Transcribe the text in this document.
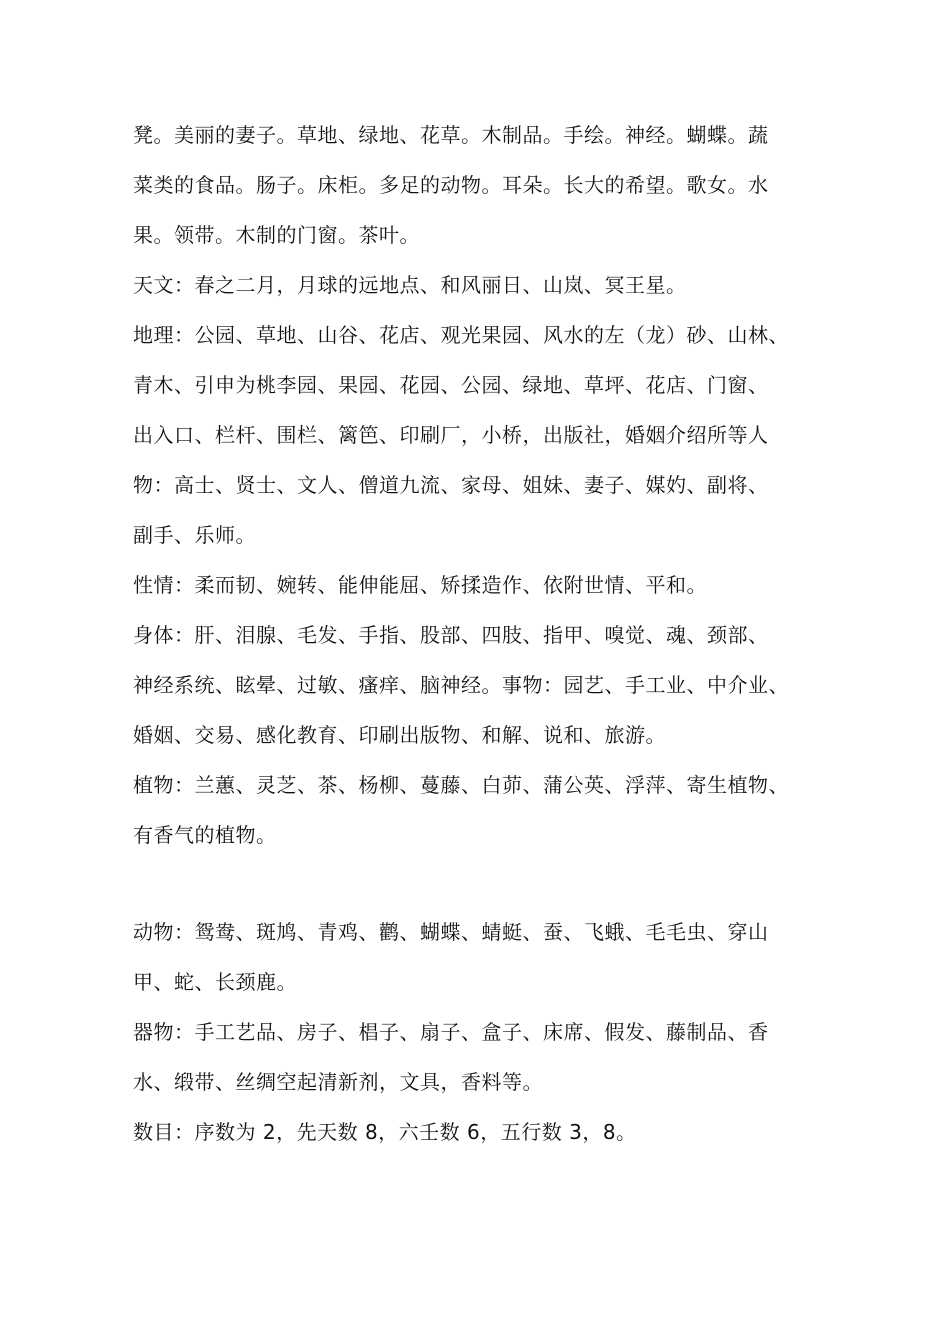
凳。美丽的妻子。草地、绿地、花草。木制品。手绘。神经。蝴蝶。蔬
菜类的食品。肠子。床柜。多足的动物。耳朵。长大的希望。歌女。水
果。领带。木制的门窗。茶叶。
天文：春之二月，月球的远地点、和风丽日、山岚、冥王星。
地理：公园、草地、山谷、花店、观光果园、风水的左（龙）砂、山林、
青木、引申为桃李园、果园、花园、公园、绿地、草坪、花店、门窗、
出入口、栏杆、围栏、篱笆、印刷厂，小桥，出版社，婚姻介绍所等人
物：高士、贤士、文人、僧道九流、家母、姐妹、妻子、媒妁、副将、
副手、乐师。
性情：柔而韧、婉转、能伸能屈、矫揉造作、依附世情、平和。
身体：肝、泪腺、毛发、手指、股部、四肢、指甲、嗅觉、魂、颈部、
神经系统、眩晕、过敏、瘙痒、脑神经。事物：园艺、手工业、中介业、
婚姻、交易、感化教育、印刷出版物、和解、说和、旅游。
植物：兰蕙、灵芝、茶、杨柳、蔓藤、白茆、蒲公英、浮萍、寄生植物、
有香气的植物。
动物：鸳鸯、斑鸠、青鸡、鹳、蝴蝶、蜻蜓、蚕、飞蛾、毛毛虫、穿山
甲、蛇、长颈鹿。
器物：手工艺品、房子、椙子、扇子、盒子、床席、假发、藤制品、香
水、缎带、丝绸空起清新剂，文具，香料等。
数目：序数为 2，先天数 8，六壬数 6，五行数 3，8。
